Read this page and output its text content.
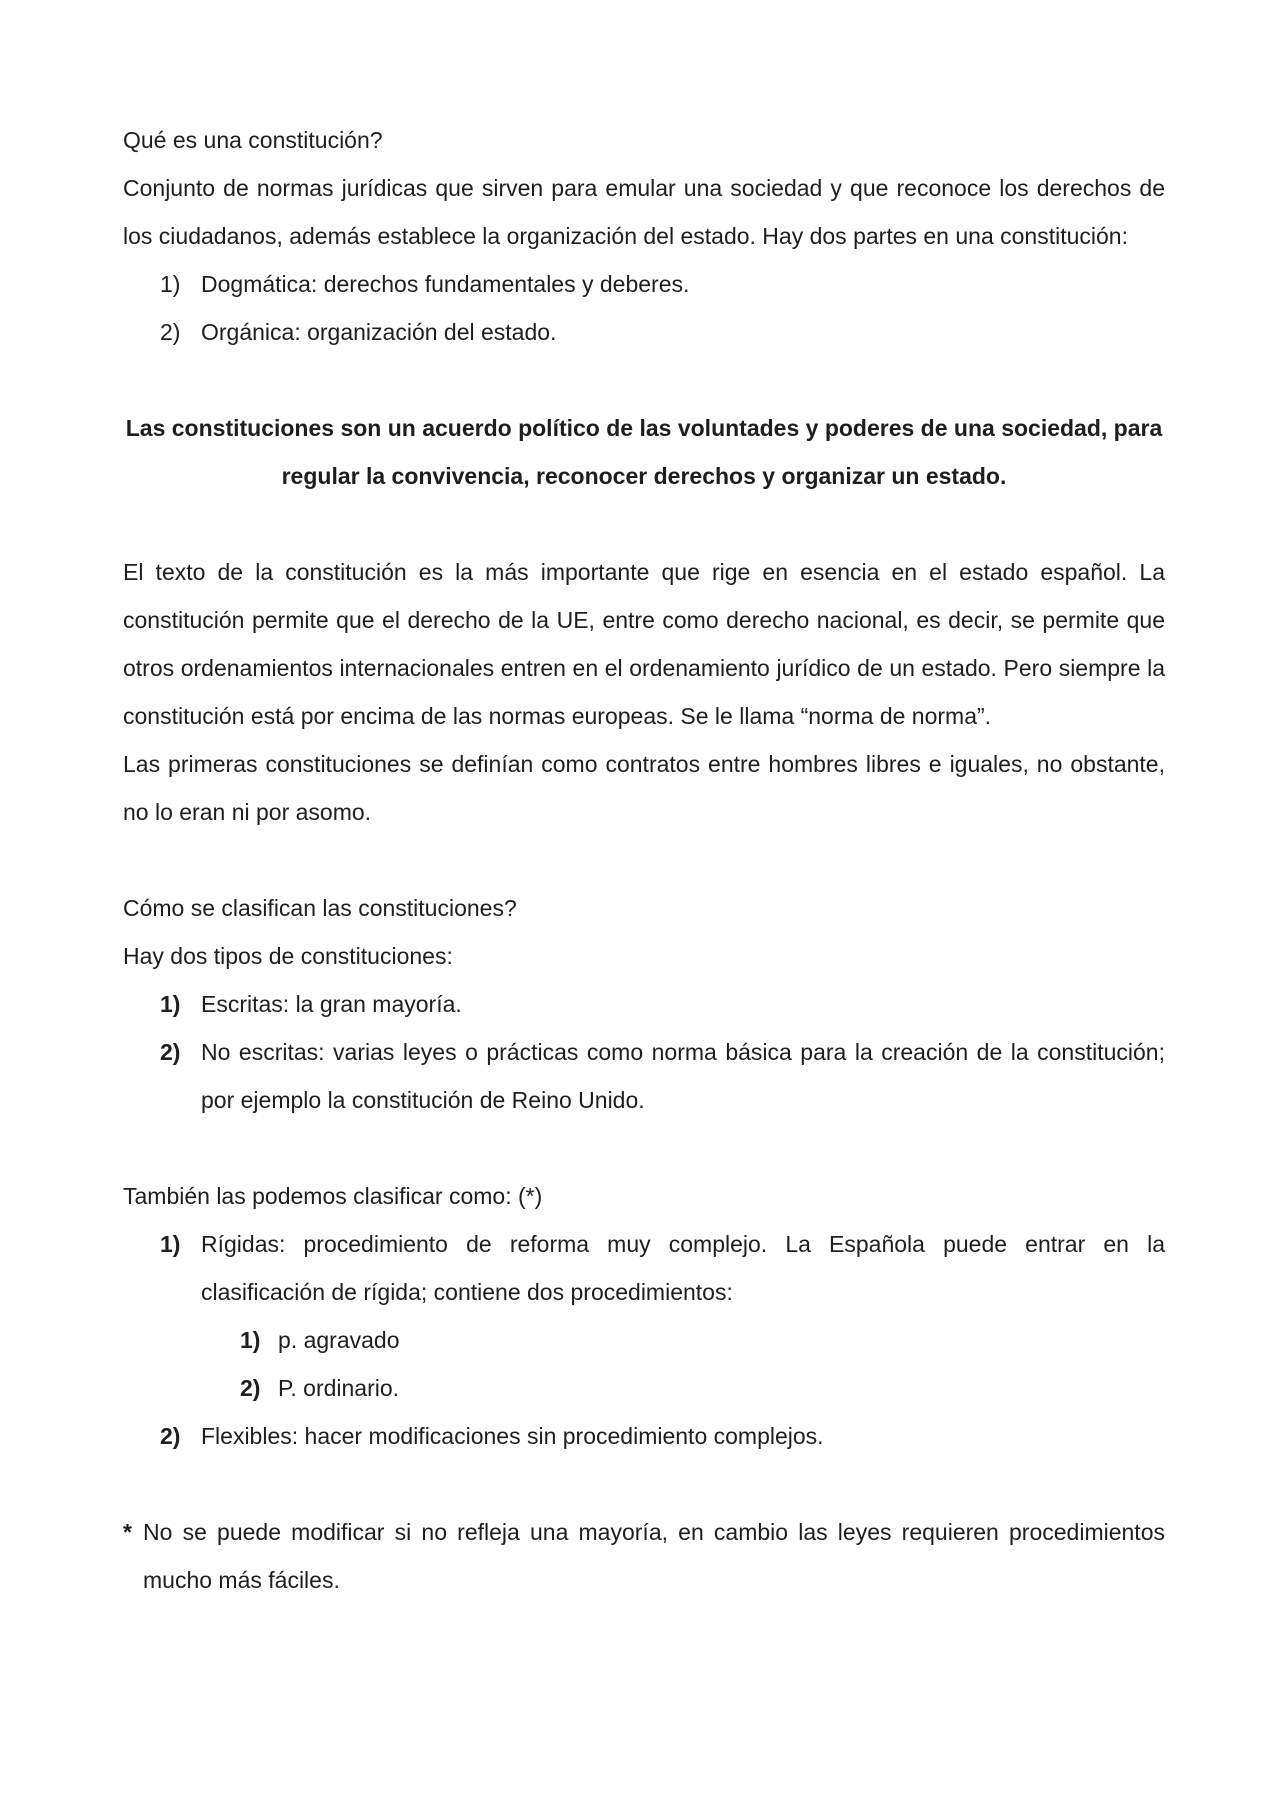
Qué es una constitución?

Conjunto de normas jurídicas que sirven para emular una sociedad y que reconoce los derechos de los ciudadanos, además establece la organización del estado. Hay dos partes en una constitución:

1) Dogmática: derechos fundamentales y deberes.
2) Orgánica: organización del estado.

Las constituciones son un acuerdo político de las voluntades y poderes de una sociedad, para regular la convivencia, reconocer derechos y organizar un estado.

El texto de la constitución es la más importante que rige en esencia en el estado español. La constitución permite que el derecho de la UE, entre como derecho nacional, es decir, se permite que otros ordenamientos internacionales entren en el ordenamiento jurídico de un estado. Pero siempre la constitución está por encima de las normas europeas. Se le llama “norma de norma”.

Las primeras constituciones se definían como contratos entre hombres libres e iguales, no obstante, no lo eran ni por asomo.

Cómo se clasifican las constituciones?

Hay dos tipos de constituciones:

1) Escritas: la gran mayoría.
2) No escritas: varias leyes o prácticas como norma básica para la creación de la constitución; por ejemplo la constitución de Reino Unido.

También las podemos clasificar como: (*)

1) Rígidas: procedimiento de reforma muy complejo. La Española puede entrar en la clasificación de rígida; contiene dos procedimientos:
1) p. agravado
2) P. ordinario.
2) Flexibles: hacer modificaciones sin procedimiento complejos.

* No se puede modificar si no refleja una mayoría, en cambio las leyes requieren procedimientos mucho más fáciles.
